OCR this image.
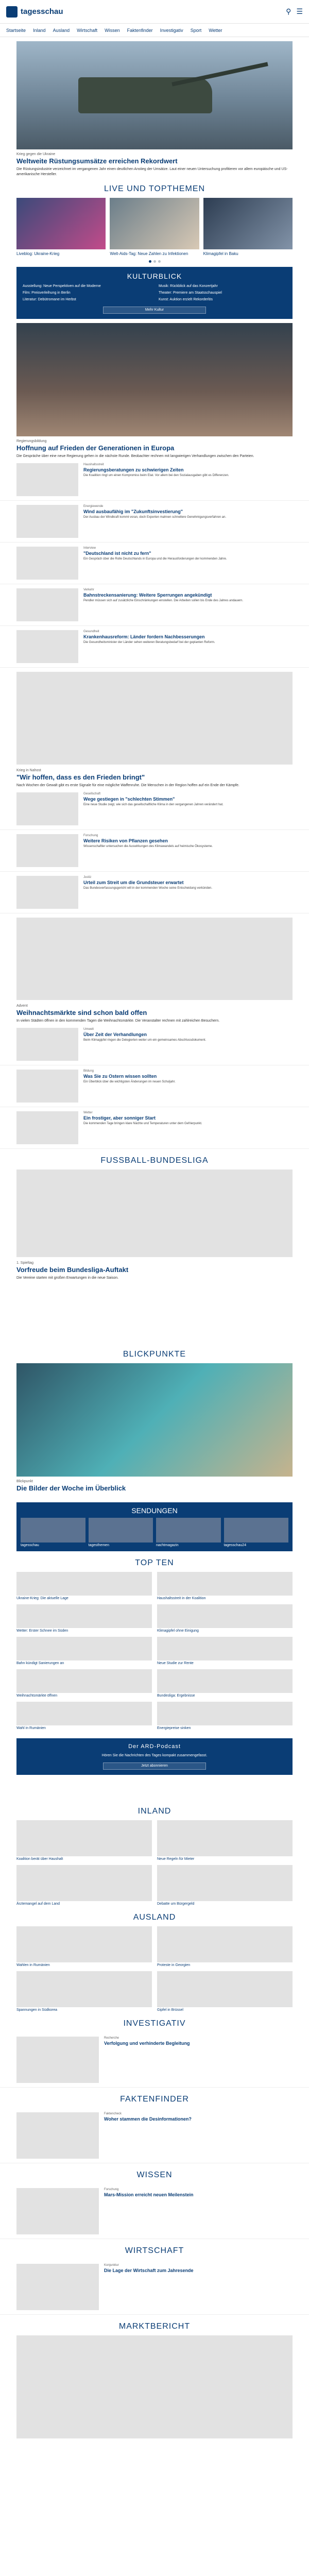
tagesschau	⚲ ☰
Startseite Inland Ausland Wirtschaft Wissen Faktenfinder Investigativ Sport Wetter
Krieg gegen die Ukraine
Weltweite Rüstungsumsätze erreichen Rekordwert
Die Rüstungsindustrie verzeichnet im vergangenen Jahr einen deutlichen Anstieg der Umsätze. Laut einer neuen Untersuchung profitieren vor allem europäische und US-amerikanische Hersteller.
LIVE UND TOPTHEMEN
Liveblog: Ukraine-Krieg	Welt-Aids-Tag: Neue Zahlen zu Infektionen	Klimagipfel in Baku
KULTURBLICK
Ausstellung: Neue Perspektiven auf die Moderne	Musik: Rückblick auf das Konzertjahr
Film: Preisverleihung in Berlin	Theater: Premiere am Staatsschauspiel
Literatur: Debütromane im Herbst	Kunst: Auktion erzielt Rekorderlös
Mehr Kultur
Regierungsbildung
Hoffnung auf Frieden der Generationen in Europa
Die Gespräche über eine neue Regierung gehen in die nächste Runde. Beobachter rechnen mit langwierigen Verhandlungen zwischen den Parteien.
Haushaltsstreit
Regierungsberatungen zu schwierigen Zeiten
Die Koalition ringt um einen Kompromiss beim Etat. Vor allem bei den Sozialausgaben gibt es Differenzen.
Energiewende
Wind ausbaufähig im "Zukunftsinvestierung"
Der Ausbau der Windkraft kommt voran, doch Experten mahnen schnellere Genehmigungsverfahren an.
Interview
"Deutschland ist nicht zu fern"
Ein Gespräch über die Rolle Deutschlands in Europa und die Herausforderungen der kommenden Jahre.
Verkehr
Bahnstreckensanierung: Weitere Sperrungen angekündigt
Pendler müssen sich auf zusätzliche Einschränkungen einstellen. Die Arbeiten sollen bis Ende des Jahres andauern.
Gesundheit
Krankenhausreform: Länder fordern Nachbesserungen
Die Gesundheitsminister der Länder sehen weiteren Beratungsbedarf bei der geplanten Reform.
Krieg in Nahost
"Wir hoffen, dass es den Frieden bringt"
Nach Wochen der Gewalt gibt es erste Signale für eine mögliche Waffenruhe. Die Menschen in der Region hoffen auf ein Ende der Kämpfe.
Gesellschaft
Wege gestiegen in "schlechten Stimmen"
Eine neue Studie zeigt, wie sich das gesellschaftliche Klima in den vergangenen Jahren verändert hat.
Forschung
Weitere Risiken von Pflanzen gesehen
Wissenschaftler untersuchen die Auswirkungen des Klimawandels auf heimische Ökosysteme.
Justiz
Urteil zum Streit um die Grundsteuer erwartet
Das Bundesverfassungsgericht will in der kommenden Woche seine Entscheidung verkünden.
Advent
Weihnachtsmärkte sind schon bald offen
In vielen Städten öffnen in den kommenden Tagen die Weihnachtsmärkte. Die Veranstalter rechnen mit zahlreichen Besuchern.
Umwelt
Über Zeit der Verhandlungen
Beim Klimagipfel ringen die Delegierten weiter um ein gemeinsames Abschlussdokument.
Bildung
Was Sie zu Ostern wissen sollten
Ein Überblick über die wichtigsten Änderungen im neuen Schuljahr.
Wetter
Ein frostiger, aber sonniger Start
Die kommenden Tage bringen klare Nächte und Temperaturen unter dem Gefrierpunkt.
FUSSBALL-BUNDESLIGA
1. Spieltag
Vorfreude beim Bundesliga-Auftakt
Die Vereine starten mit großen Erwartungen in die neue Saison.
BLICKPUNKTE
Blickpunkt
Die Bilder der Woche im Überblick
SENDUNGEN
tagesschau	tagesthemen	nachtmagazin	tagesschau24
TOP TEN
Ukraine-Krieg: Die aktuelle Lage	Haushaltsstreit in der Koalition
Wetter: Erster Schnee im Süden	Klimagipfel ohne Einigung
Bahn kündigt Sanierungen an	Neue Studie zur Rente
Weihnachtsmärkte öffnen	Bundesliga: Ergebnisse
Wahl in Rumänien	Energiepreise sinken
Der ARD-Podcast
Hören Sie die Nachrichten des Tages kompakt zusammengefasst.
Jetzt abonnieren
INLAND
Koalition berät über Haushalt	Neue Regeln für Mieter
Ärztemangel auf dem Land	Debatte um Bürgergeld
AUSLAND
Wahlen in Rumänien	Proteste in Georgien
Spannungen in Südkorea	Gipfel in Brüssel
INVESTIGATIV
Recherche
Verfolgung und verhinderte Begleitung
FAKTENFINDER
Faktencheck
Woher stammen die Desinformationen?
WISSEN
Forschung
Mars-Mission erreicht neuen Meilenstein
WIRTSCHAFT
Konjunktur
Die Lage der Wirtschaft zum Jahresende
MARKTBERICHT
